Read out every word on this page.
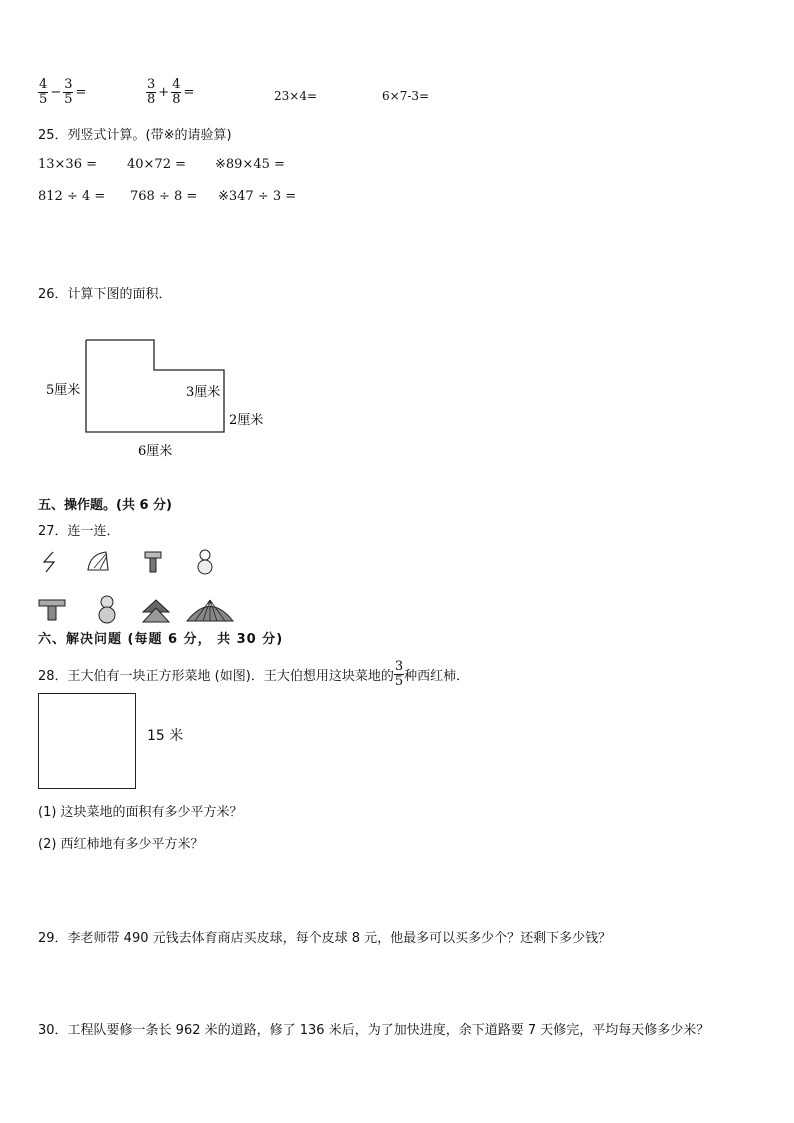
$\frac{4}{5} - \frac{3}{5}$ =	$\frac{3}{8} + \frac{4}{8}$ =	23×4=	6×7-3=
25．列竖式计算。(带※的请验算)
13×36 = 40×72 = ※89×45 =
812 ÷ 4 = 768 ÷ 8 = ※347 ÷ 3 =
26．计算下图的面积．
5厘米	3厘米
2厘米
6厘米
五、操作题。(共 6 分)
27．连一连．
六、解决问题 (每题 6 分， 共 30 分)
28．王大伯有一块正方形菜地 (如图)．王大伯想用这块菜地的 $\frac{3}{5}$ 种西红柿．
15 米
(1) 这块菜地的面积有多少平方米？
(2) 西红柿地有多少平方米？
29．李老师带 490 元钱去体育商店买皮球，每个皮球 8 元，他最多可以买多少个？还剩下多少钱？
30．工程队要修一条长 962 米的道路，修了 136 米后，为了加快进度，余下道路要 7 天修完，平均每天修多少米？
